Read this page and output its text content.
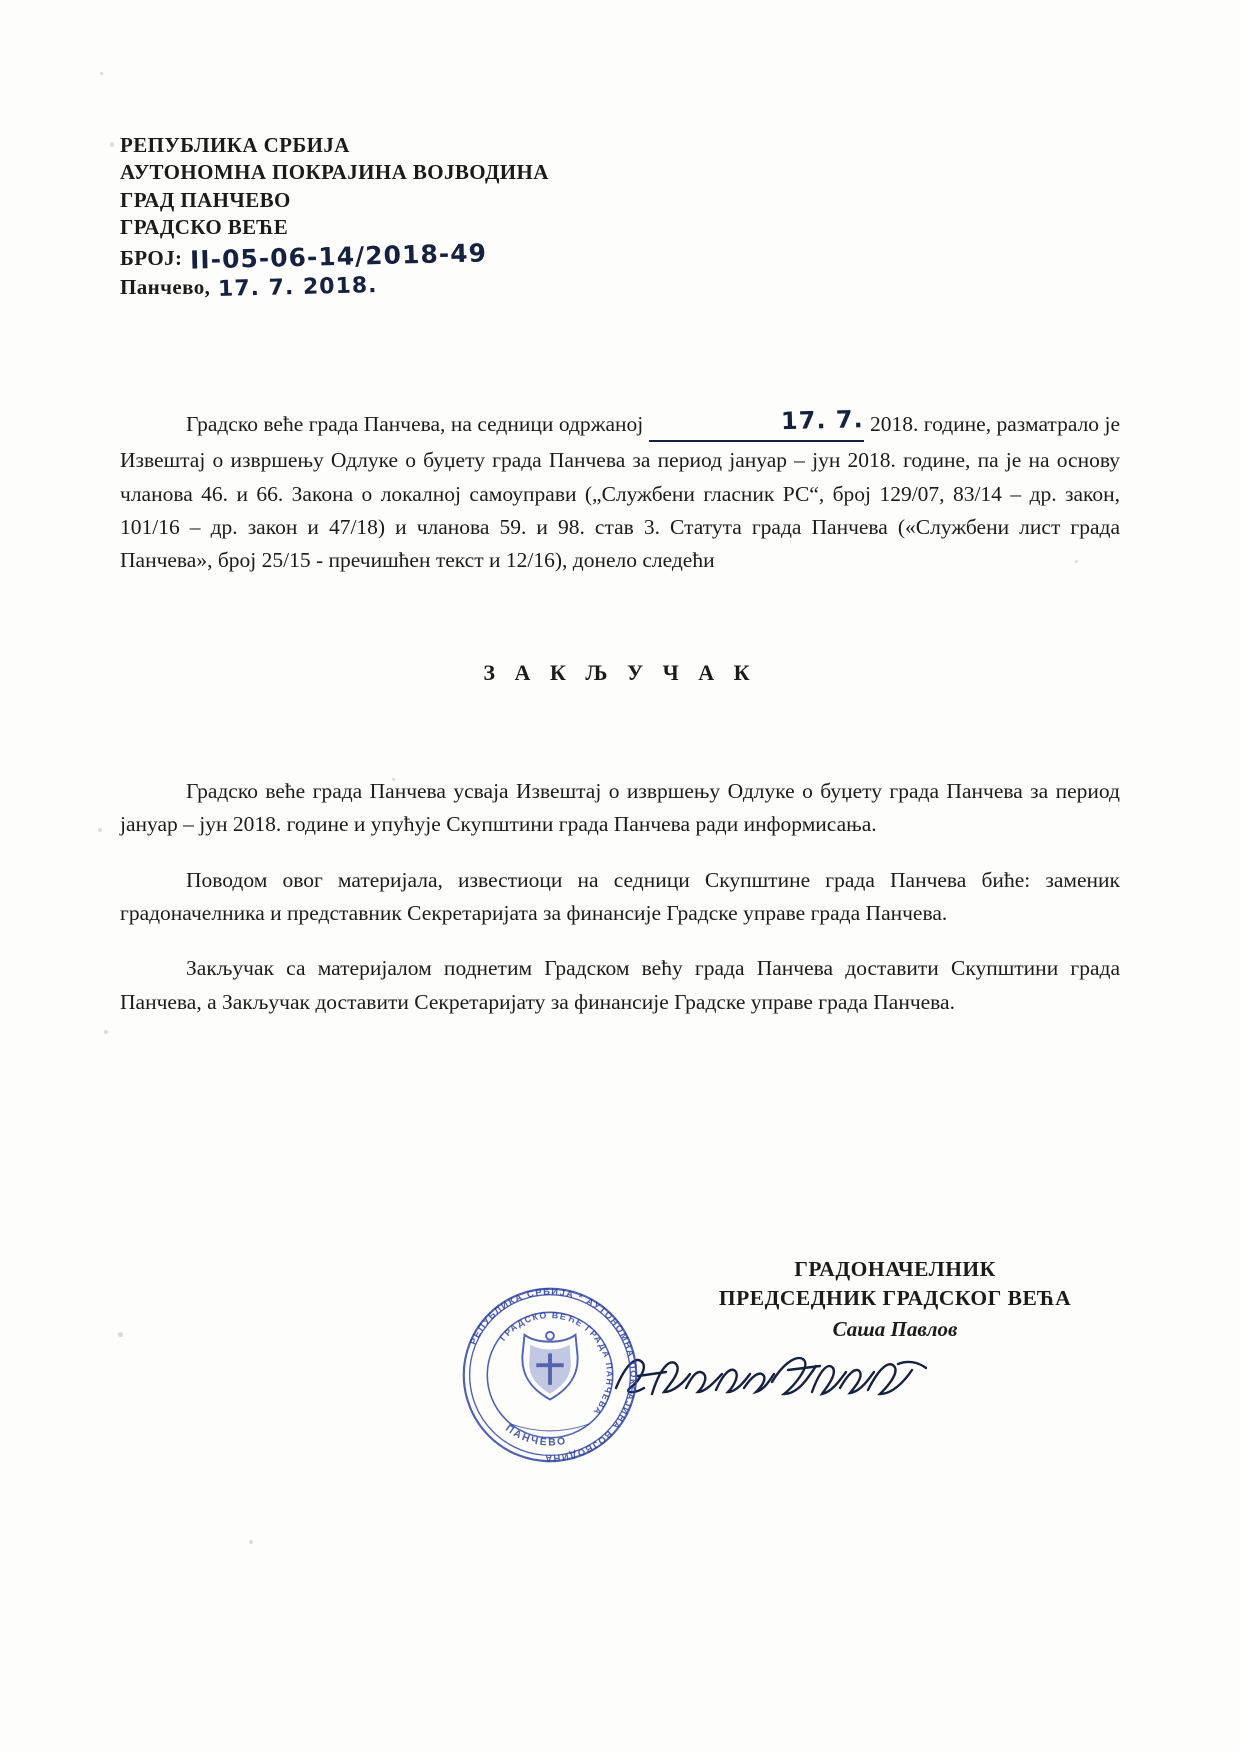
РЕПУБЛИКА СРБИЈА
АУТОНОМНА ПОКРАЈИНА ВОЈВОДИНА
ГРАД ПАНЧЕВО
ГРАДСКО ВЕЋЕ
БРОЈ: II-05-06-14/2018-49
Панчево, 17. 7. 2018.

Градско веће града Панчева, на седници одржаној	17. 7. 2018. године, разматрало је Извештај о извршењу Одлуке о буџету града Панчева за период јануар – јун 2018. године, па је на основу чланова 46. и 66. Закона о локалној самоуправи („Службени гласник РС“, број 129/07, 83/14 – др. закон, 101/16 – др. закон и 47/18) и чланова 59. и 98. став 3. Статута града Панчева («Службени лист града Панчева», број 25/15 - пречишћен текст и 12/16), донело следећи

З А К Љ У Ч А К

Градско веће града Панчева усваја Извештај о извршењу Одлуке о буџету града Панчева за период јануар – јун 2018. године и упућује Скупштини града Панчева ради информисања.

Поводом овог материјала, известиоци на седници Скупштине града Панчева биће: заменик градоначелника и представник Секретаријата за финансије Градске управе града Панчева.

Закључак са материјалом поднетим Градском већу града Панчева доставити Скупштини града Панчева, а Закључак доставити Секретаријату за финансије Градске управе града Панчева.

ГРАДОНАЧЕЛНИК
ПРЕДСЕДНИК ГРАДСКОГ ВЕЋА
Саша Павлов
РЕПУБЛИКА СРБИЈА * АУТОНОМНА ПОКРАЈИНА ВОЈВОДИНА
ГРАДСКО ВЕЋЕ ГРАДА ПАНЧЕВА
ПАНЧЕВО
